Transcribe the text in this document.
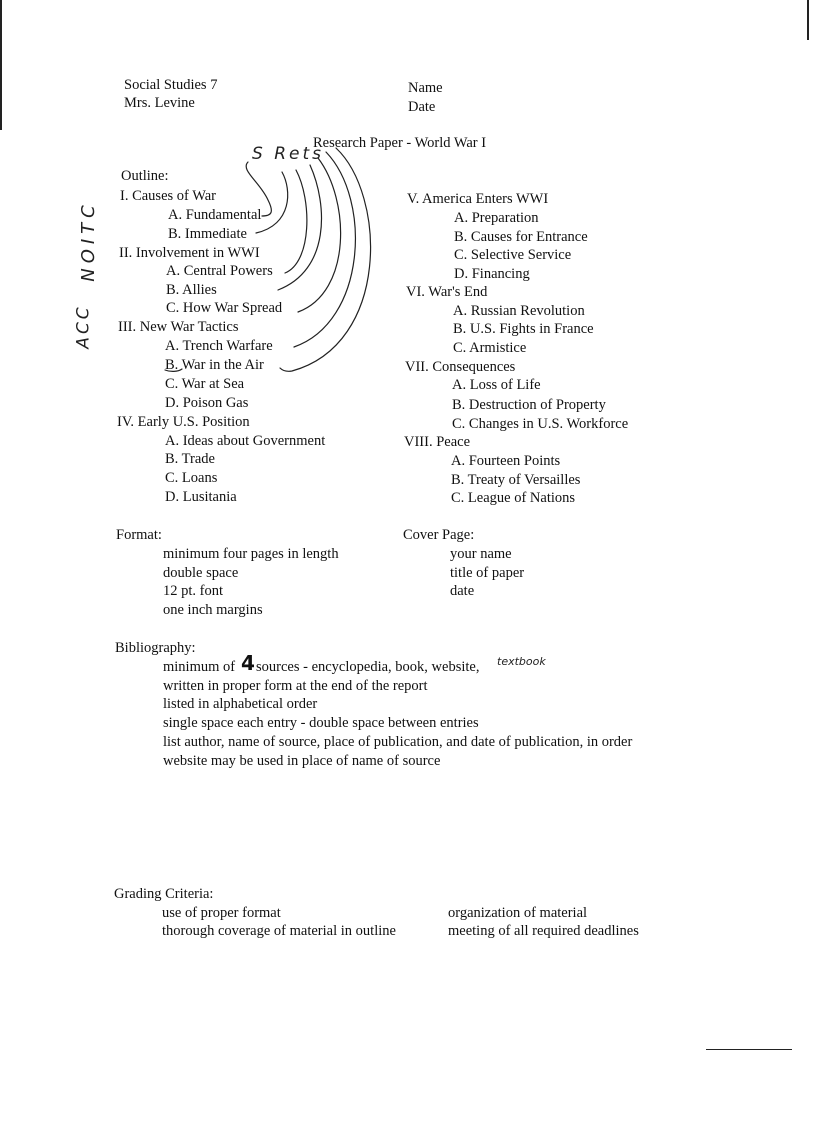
Social Studies 7
Mrs. Levine
Name
Date
Research Paper - World War I
Outline:
I. Causes of War
A. Fundamental
B. Immediate
II. Involvement in WWI
A. Central Powers
B. Allies
C. How War Spread
III. New War Tactics
A. Trench Warfare
B. War in the Air
C. War at Sea
D. Poison Gas
IV. Early U.S. Position
A. Ideas about Government
B. Trade
C. Loans
D. Lusitania
V. America Enters WWI
A. Preparation
B. Causes for Entrance
C. Selective Service
D. Financing
VI. War's End
A. Russian Revolution
B. U.S. Fights in France
C. Armistice
VII. Consequences
A. Loss of Life
B. Destruction of Property
C. Changes in U.S. Workforce
VIII. Peace
A. Fourteen Points
B. Treaty of Versailles
C. League of Nations
Format:
minimum four pages in length
double space
12 pt. font
one inch margins
Cover Page:
your name
title of paper
date
Bibliography:
minimum of sources - encyclopedia, book, website,
written in proper form at the end of the report
listed in alphabetical order
single space each entry - double space between entries
list author, name of source, place of publication, and date of publication, in order
website may be used in place of name of source
Grading Criteria:
use of proper format
thorough coverage of material in outline
organization of material
meeting of all required deadlines
S Rets
NOITC
ACC
4	textbook
